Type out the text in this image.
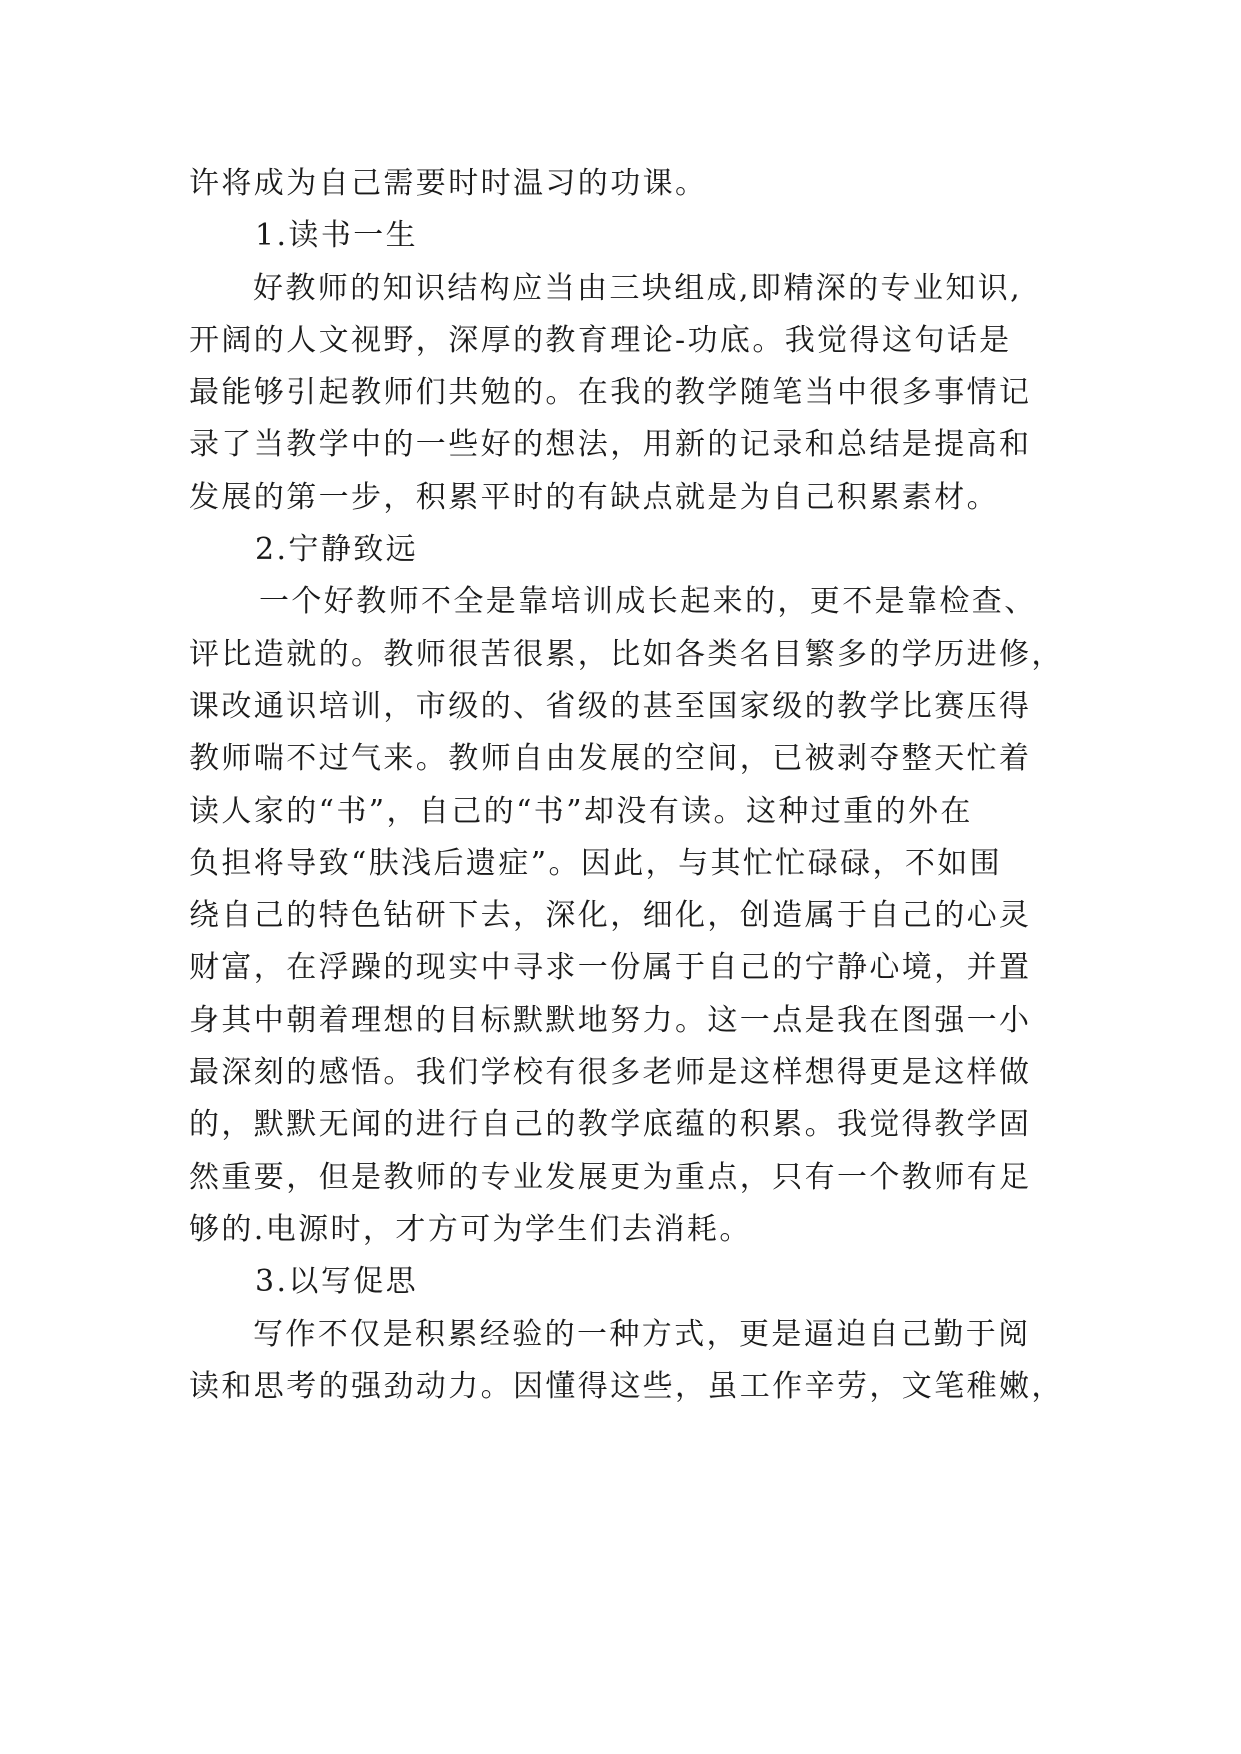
许将成为自己需要时时温习的功课。
1.读书一生
好教师的知识结构应当由三块组成,即精深的专业知识,
开阔的人文视野，深厚的教育理论-功底。我觉得这句话是
最能够引起教师们共勉的。在我的教学随笔当中很多事情记
录了当教学中的一些好的想法，用新的记录和总结是提高和
发展的第一步，积累平时的有缺点就是为自己积累素材。
2.宁静致远
一个好教师不全是靠培训成长起来的，更不是靠检查、
评比造就的。教师很苦很累，比如各类名目繁多的学历进修，
课改通识培训，市级的、省级的甚至国家级的教学比赛压得
教师喘不过气来。教师自由发展的空间，已被剥夺整天忙着
读人家的“书”，自己的“书”却没有读。这种过重的外在
负担将导致“肤浅后遗症”。因此，与其忙忙碌碌，不如围
绕自己的特色钻研下去，深化，细化，创造属于自己的心灵
财富，在浮躁的现实中寻求一份属于自己的宁静心境，并置
身其中朝着理想的目标默默地努力。这一点是我在图强一小
最深刻的感悟。我们学校有很多老师是这样想得更是这样做
的，默默无闻的进行自己的教学底蕴的积累。我觉得教学固
然重要，但是教师的专业发展更为重点，只有一个教师有足
够的.电源时，才方可为学生们去消耗。
3.以写促思
写作不仅是积累经验的一种方式，更是逼迫自己勤于阅
读和思考的强劲动力。因懂得这些，虽工作辛劳，文笔稚嫩，
